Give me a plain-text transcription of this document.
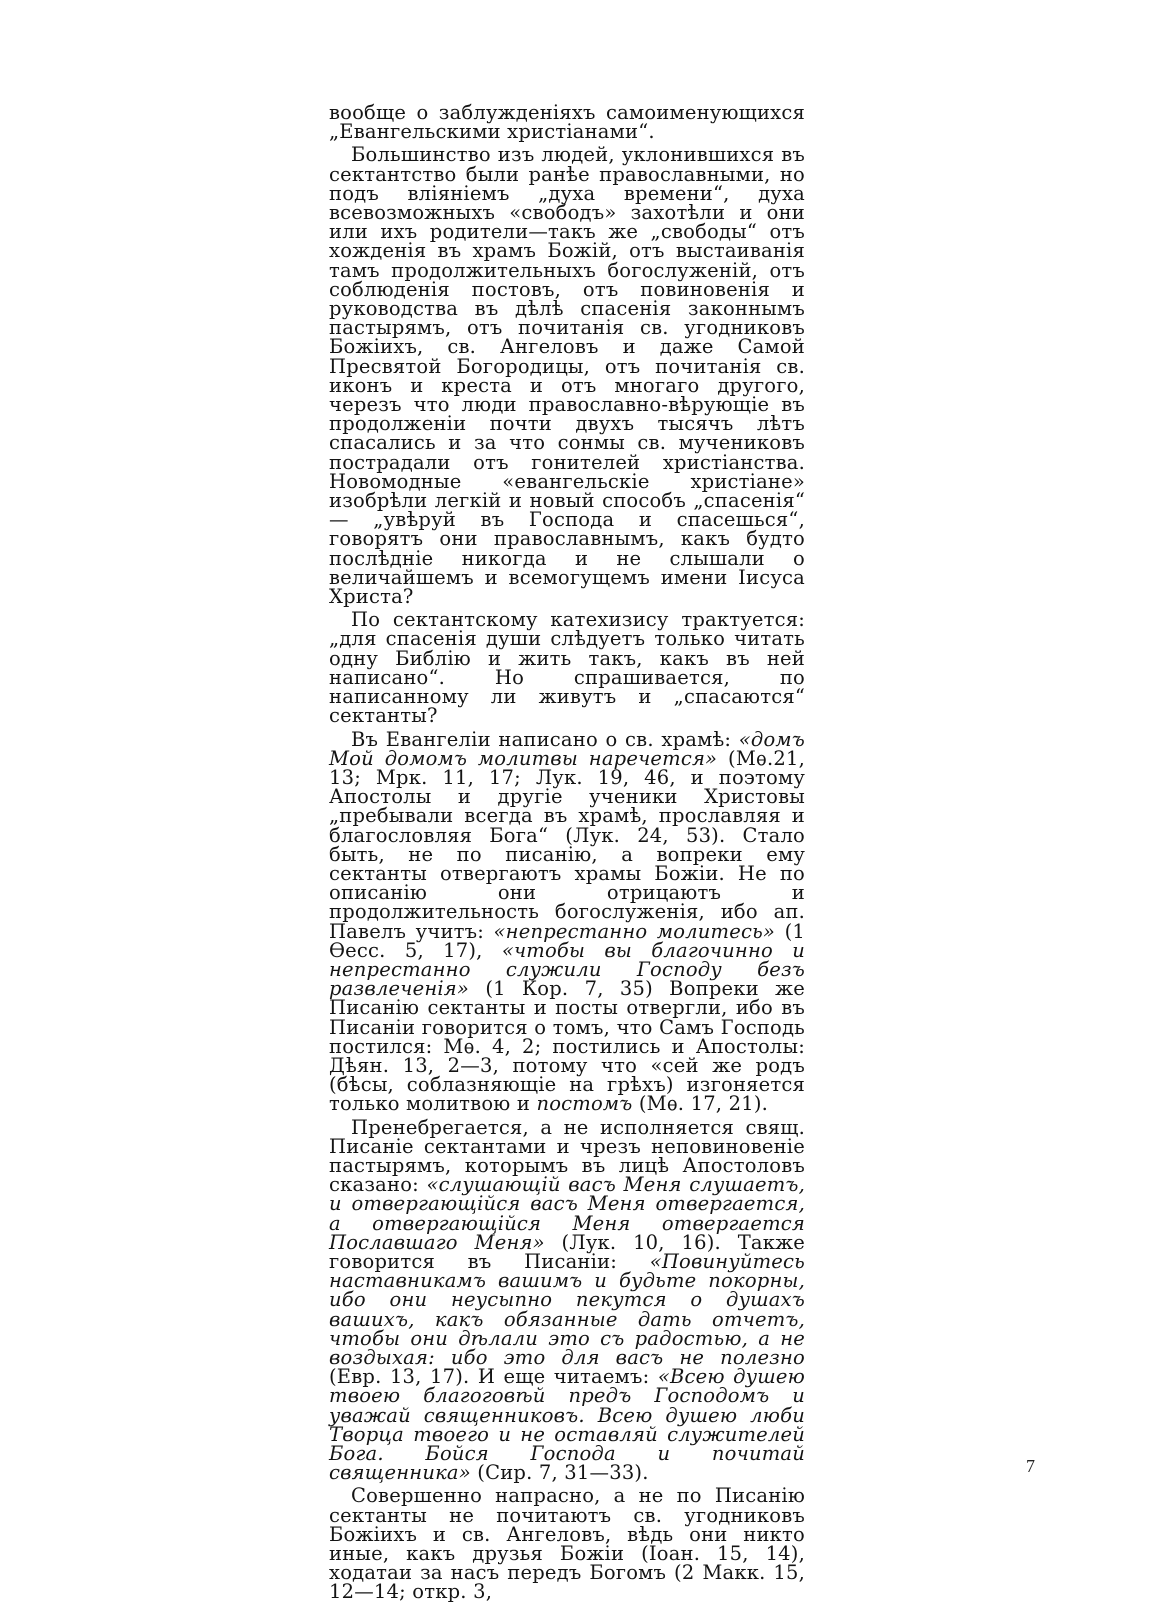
вообще о заблужденіяхъ самоименующихся „Евангельскими христіанами“.

Большинство изъ людей, уклонившихся въ сектантство были ранѣе православными, но подъ вліяніемъ „духа времени“, духа всевозможныхъ «свободъ» захотѣли и они или ихъ родители—такъ же „свободы“ отъ хожденія въ храмъ Божій, отъ выстаиванія тамъ продолжительныхъ богослуженій, отъ соблюденія постовъ, отъ повиновенія и руководства въ дѣлѣ спасенія законнымъ пастырямъ, отъ почитанія св. угодниковъ Божіихъ, св. Ангеловъ и даже Самой Пресвятой Богородицы, отъ почитанія св. иконъ и креста и отъ многаго другого, черезъ что люди православно-вѣрующіе въ продолженіи почти двухъ тысячъ лѣтъ спасались и за что сонмы св. мучениковъ пострадали отъ гонителей христіанства. Новомодные «евангельскіе христіане» изобрѣли легкій и новый способъ „спасенія“ — „увѣруй въ Господа и спасешься“, говорятъ они православнымъ, какъ будто послѣдніе никогда и не слышали о величайшемъ и всемогущемъ имени Іисуса Христа?

По сектантскому катехизису трактуется: „для спасенія души слѣдуетъ только читать одну Библію и жить такъ, какъ въ ней написано“. Но спрашивается, по написанному ли живутъ и „спасаются“ сектанты?

Въ Евангеліи написано о св. храмѣ: «домъ Мой домомъ молитвы наречется» (Мѳ.21, 13; Мрк. 11, 17; Лук. 19, 46, и поэтому Апостолы и другіе ученики Христовы „пребывали всегда въ храмѣ, прославляя и благословляя Бога“ (Лук. 24, 53). Стало быть, не по писанію, а вопреки ему сектанты отвергаютъ храмы Божіи. Не по описанію они отрицаютъ и продолжительность богослуженія, ибо ап. Павелъ учитъ: «непрестанно молитесь» (1 Ѳесс. 5, 17), «чтобы вы благочинно и непрестанно служили Господу безъ развлеченія» (1 Кор. 7, 35) Вопреки же Писанію сектанты и посты отвергли, ибо въ Писаніи говорится о томъ, что Самъ Господь постился: Мѳ. 4, 2; постились и Апостолы: Дѣян. 13, 2—3, потому что «сей же родъ (бѣсы, соблазняющіе на грѣхъ) изгоняется только молитвою и постомъ (Мѳ. 17, 21).

Пренебрегается, а не исполняется свящ. Писаніе сектантами и чрезъ неповиновеніе пастырямъ, которымъ въ лицѣ Апостоловъ сказано: «слушающій васъ Меня слушаетъ, и отвергающійся васъ Меня отвергается, а отвергающійся Меня отвергается Пославшаго Меня» (Лук. 10, 16). Также говорится въ Писаніи: «Повинуйтесь наставникамъ вашимъ и будьте покорны, ибо они неусыпно пекутся о душахъ вашихъ, какъ обязанные дать отчетъ, чтобы они дѣлали это съ радостью, а не воздыхая: ибо это для васъ не полезно (Евр. 13, 17). И еще читаемъ: «Всею душею твоею благоговѣй предъ Господомъ и уважай священниковъ. Всею душею люби Творца твоего и не оставляй служителей Бога. Бойся Господа и почитай священника» (Сир. 7, 31—33).

Совершенно напрасно, а не по Писанію сектанты не почитаютъ св. угодниковъ Божіихъ и св. Ангеловъ, вѣдь они никто иные, какъ друзья Божіи (Іоан. 15, 14), ходатаи за насъ передъ Богомъ (2 Макк. 15, 12—14; откр. 3,

7
